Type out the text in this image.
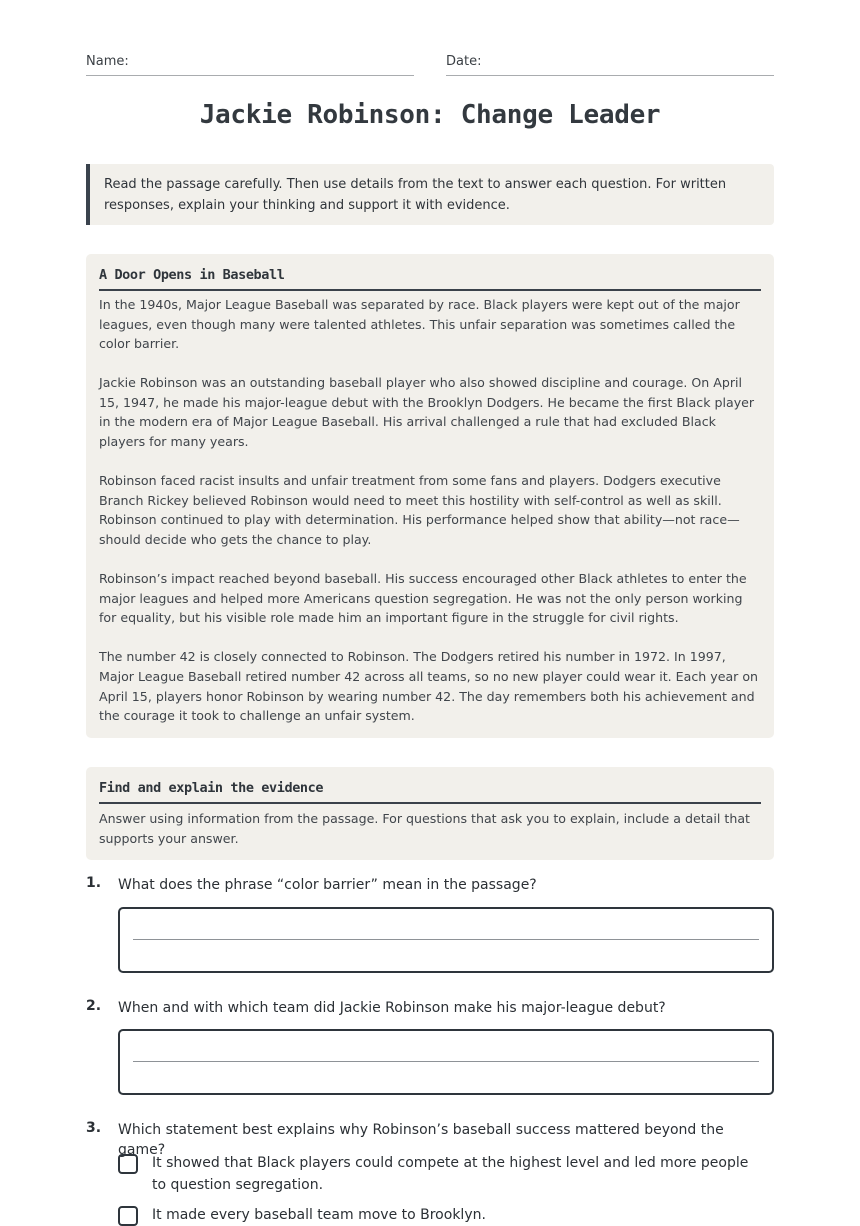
Name:	Date:
Jackie Robinson: Change Leader
Read the passage carefully. Then use details from the text to answer each question. For written responses, explain your thinking and support it with evidence.
A Door Opens in Baseball

In the 1940s, Major League Baseball was separated by race. Black players were kept out of the major leagues, even though many were talented athletes. This unfair separation was sometimes called the color barrier.

Jackie Robinson was an outstanding baseball player who also showed discipline and courage. On April 15, 1947, he made his major-league debut with the Brooklyn Dodgers. He became the first Black player in the modern era of Major League Baseball. His arrival challenged a rule that had excluded Black players for many years.

Robinson faced racist insults and unfair treatment from some fans and players. Dodgers executive Branch Rickey believed Robinson would need to meet this hostility with self-control as well as skill. Robinson continued to play with determination. His performance helped show that ability—not race—should decide who gets the chance to play.

Robinson’s impact reached beyond baseball. His success encouraged other Black athletes to enter the major leagues and helped more Americans question segregation. He was not the only person working for equality, but his visible role made him an important figure in the struggle for civil rights.

The number 42 is closely connected to Robinson. The Dodgers retired his number in 1972. In 1997, Major League Baseball retired number 42 across all teams, so no new player could wear it. Each year on April 15, players honor Robinson by wearing number 42. The day remembers both his achievement and the courage it took to challenge an unfair system.

Find and explain the evidence
Answer using information from the passage. For questions that ask you to explain, include a detail that supports your answer.
1. What does the phrase “color barrier” mean in the passage?
2. When and with which team did Jackie Robinson make his major-league debut?
3. Which statement best explains why Robinson’s baseball success mattered beyond the game?
It showed that Black players could compete at the highest level and led more people to question segregation.
It made every baseball team move to Brooklyn.
